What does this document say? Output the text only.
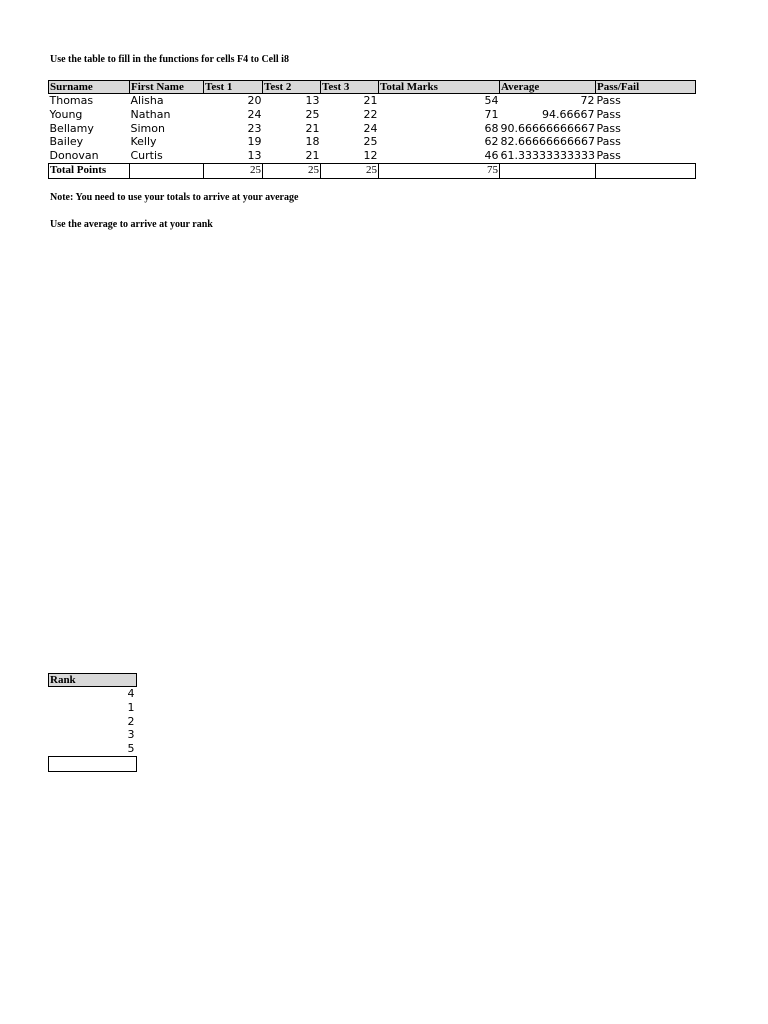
Use the table to fill in the functions for cells F4 to Cell i8
Surname	First Name	Test 1	Test 2	Test 3	Total Marks	Average	Pass/Fail
Thomas	Alisha	20	13	21	54	72	Pass
Young	Nathan	24	25	22	71	94.66667	Pass
Bellamy	Simon	23	21	24	68	90.66666666667	Pass
Bailey	Kelly	19	18	25	62	82.66666666667	Pass
Donovan	Curtis	13	21	12	46	61.33333333333	Pass
Total Points		25	25	25	75		
Note: You need to use your totals to arrive at your average
Use the average to arrive at your rank
Rank
4
1
2
3
5
